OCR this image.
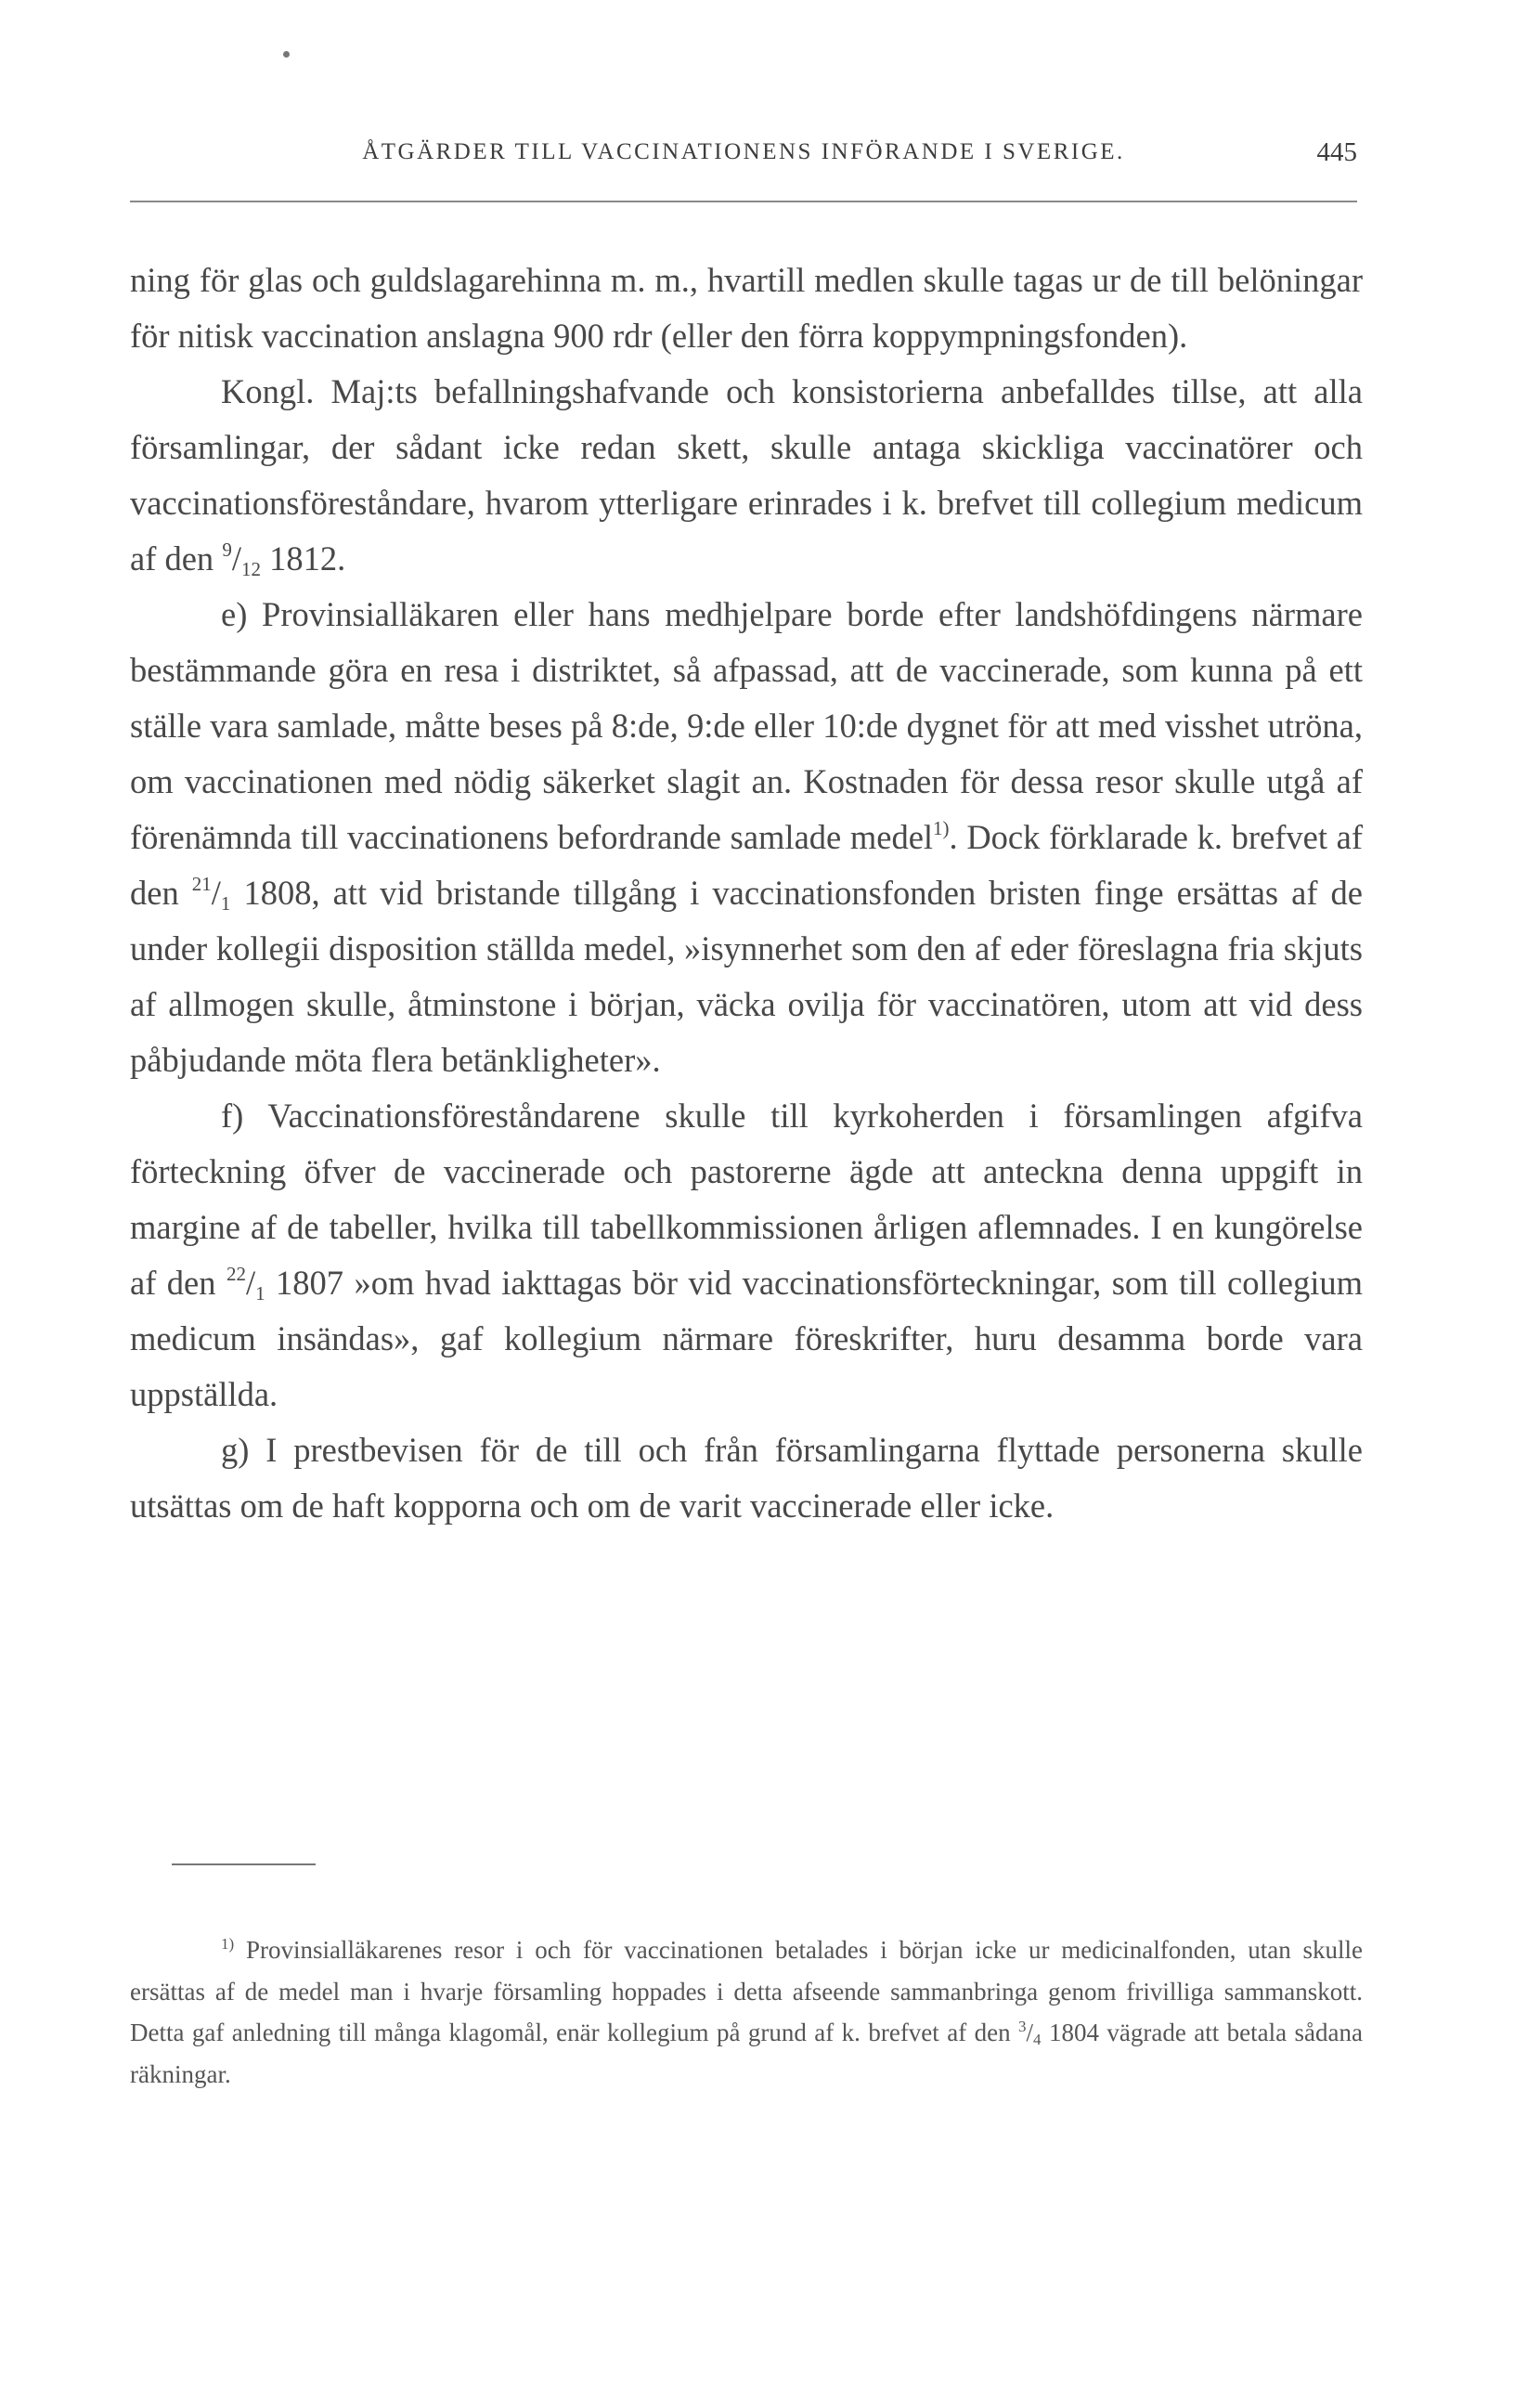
ÅTGÄRDER TILL VACCINATIONENS INFÖRANDE I SVERIGE.	445

ning för glas och guldslagarehinna m. m., hvartill medlen skulle tagas ur de till belöningar för nitisk vaccination anslagna 900 rdr (eller den förra koppympningsfonden).

Kongl. Maj:ts befallningshafvande och konsistorierna anbefalldes tillse, att alla församlingar, der sådant icke redan skett, skulle antaga skickliga vaccinatörer och vaccinationsföreståndare, hvarom ytterligare erinrades i k. brefvet till collegium medicum af den $^9/_{12}$ 1812.

e) Provinsialläkaren eller hans medhjelpare borde efter landshöfdingens närmare bestämmande göra en resa i distriktet, så afpassad, att de vaccinerade, som kunna på ett ställe vara samlade, måtte beses på 8:de, 9:de eller 10:de dygnet för att med visshet utröna, om vaccinationen med nödig säkerket slagit an. Kostnaden för dessa resor skulle utgå af förenämnda till vaccinationens befordrande samlade medel$^{1)}$. Dock förklarade k. brefvet af den $^{21}/_1$ 1808, att vid bristande tillgång i vaccinationsfonden bristen finge ersättas af de under kollegii disposition ställda medel, »isynnerhet som den af eder föreslagna fria skjuts af allmogen skulle, åtminstone i början, väcka ovilja för vaccinatören, utom att vid dess påbjudande möta flera betänkligheter».

f) Vaccinationsföreståndarene skulle till kyrkoherden i församlingen afgifva förteckning öfver de vaccinerade och pastorerne ägde att anteckna denna uppgift in margine af de tabeller, hvilka till tabellkommissionen årligen aflemnades. I en kungörelse af den $^{22}/_1$ 1807 »om hvad iakttagas bör vid vaccinationsförteckningar, som till collegium medicum insändas», gaf kollegium närmare föreskrifter, huru desamma borde vara uppställda.

g) I prestbevisen för de till och från församlingarna flyttade personerna skulle utsättas om de haft kopporna och om de varit vaccinerade eller icke.

$^{1)}$ Provinsialläkarenes resor i och för vaccinationen betalades i början icke ur medicinalfonden, utan skulle ersättas af de medel man i hvarje församling hoppades i detta afseende sammanbringa genom frivilliga sammanskott. Detta gaf anledning till många klagomål, enär kollegium på grund af k. brefvet af den $^3$/4 1804 vägrade att betala sådana räkningar.
